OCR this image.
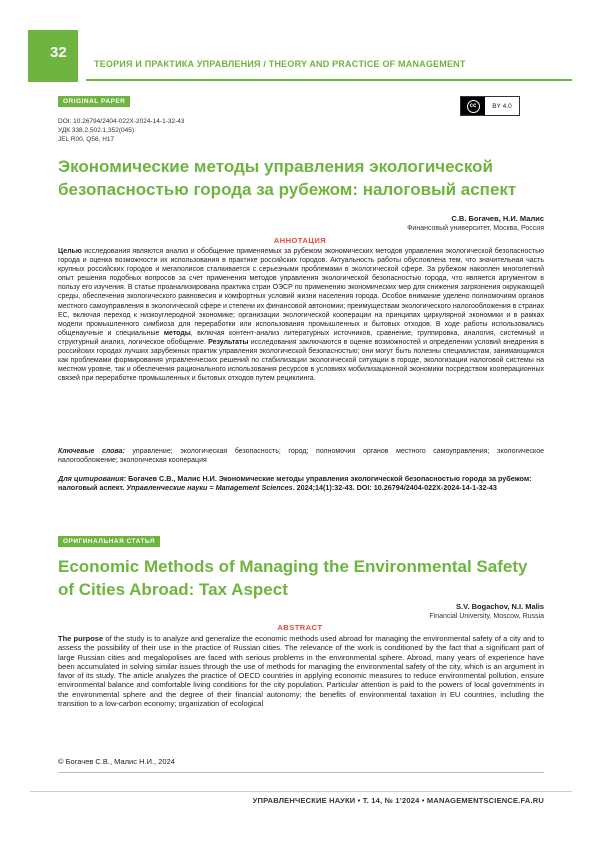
32
ТЕОРИЯ И ПРАКТИКА УПРАВЛЕНИЯ / THEORY AND PRACTICE OF MANAGEMENT
ORIGINAL PAPER
cc	BY 4.0
DOI: 10.26794/2404-022X-2024-14-1-32-43
УДК 338.2,502.1,352(045)
JEL R00, Q56, H17
Экономические методы управления экологической безопасностью города за рубежом: налоговый аспект
С.В. Богачев, Н.И. Малис
Финансовый университет, Москва, Россия
АННОТАЦИЯ
Целью исследования являются анализ и обобщение применяемых за рубежом экономических методов управления экологической безопасностью города и оценка возможности их использования в практике российских городов. Актуальность работы обусловлена тем, что значительная часть крупных российских городов и мегаполисов сталкивается с серьезными проблемами в экологической сфере. За рубежом накоплен многолетний опыт решения подобных вопросов за счет применения методов управления экологической безопасностью города, что является аргументом в пользу его изучения. В статье проанализирована практика стран ОЭСР по применению экономических мер для снижения загрязнения окружающей среды, обеспечения экологического равновесия и комфортных условий жизни населения города. Особое внимание уделено полномочиям органов местного самоуправления в экологической сфере и степени их финансовой автономии; преимуществам экологического налогообложения в странах ЕС, включая переход к низкоуглеродной экономике; организации экологической кооперации на принципах циркулярной экономики и в рамках модели промышленного симбиоза для переработки или использования промышленных и бытовых отходов. В ходе работы использовались общенаучные и специальные методы, включая контент-анализ литературных источников, сравнение, группировка, аналогия, системный и структурный анализ, логическое обобщение. Результаты исследования заключаются в оценке возможностей и определении условий внедрения в российских городах лучших зарубежных практик управления экологической безопасностью; они могут быть полезны специалистам, занимающимся как проблемами формирования управленческих решений по стабилизации экологической ситуации в городе, экологизации налоговой системы на местном уровне, так и обеспечения рационального использования ресурсов в условиях мобилизационной экономики посредством кооперационных связей при переработке промышленных и бытовых отходов путем рециклинга.
Ключевые слова: управление; экологическая безопасность; город; полномочия органов местного самоуправления; экологическое налогообложение; экологическая кооперация
Для цитирования: Богачев С.В., Малис Н.И. Экономические методы управления экологической безопасностью города за рубежом: налоговый аспект. Управленческие науки = Management Sciences. 2024;14(1):32-43. DOI: 10.26794/2404-022X-2024-14-1-32-43
ОРИГИНАЛЬНАЯ СТАТЬЯ
Economic Methods of Managing the Environmental Safety of Cities Abroad: Tax Aspect
S.V. Bogachov, N.I. Malis
Financial University, Moscow, Russia
ABSTRACT
The purpose of the study is to analyze and generalize the economic methods used abroad for managing the environmental safety of a city and to assess the possibility of their use in the practice of Russian cities. The relevance of the work is conditioned by the fact that a significant part of large Russian cities and megalopolises are faced with serious problems in the environmental sphere. Abroad, many years of experience have been accumulated in solving similar issues through the use of methods for managing the environmental safety of the city, which is an argument in favor of its study. The article analyzes the practice of OECD countries in applying economic measures to reduce environmental pollution, ensure environmental balance and comfortable living conditions for the city population. Particular attention is paid to the powers of local governments in the environmental sphere and the degree of their financial autonomy; the benefits of environmental taxation in EU countries, including the transition to a low-carbon economy; organization of ecological
© Богачев С.В., Малис Н.И., 2024
УПРАВЛЕНЧЕСКИЕ НАУКИ • Т. 14, № 1’2024 • MANAGEMENTSCIENCE.FA.RU
